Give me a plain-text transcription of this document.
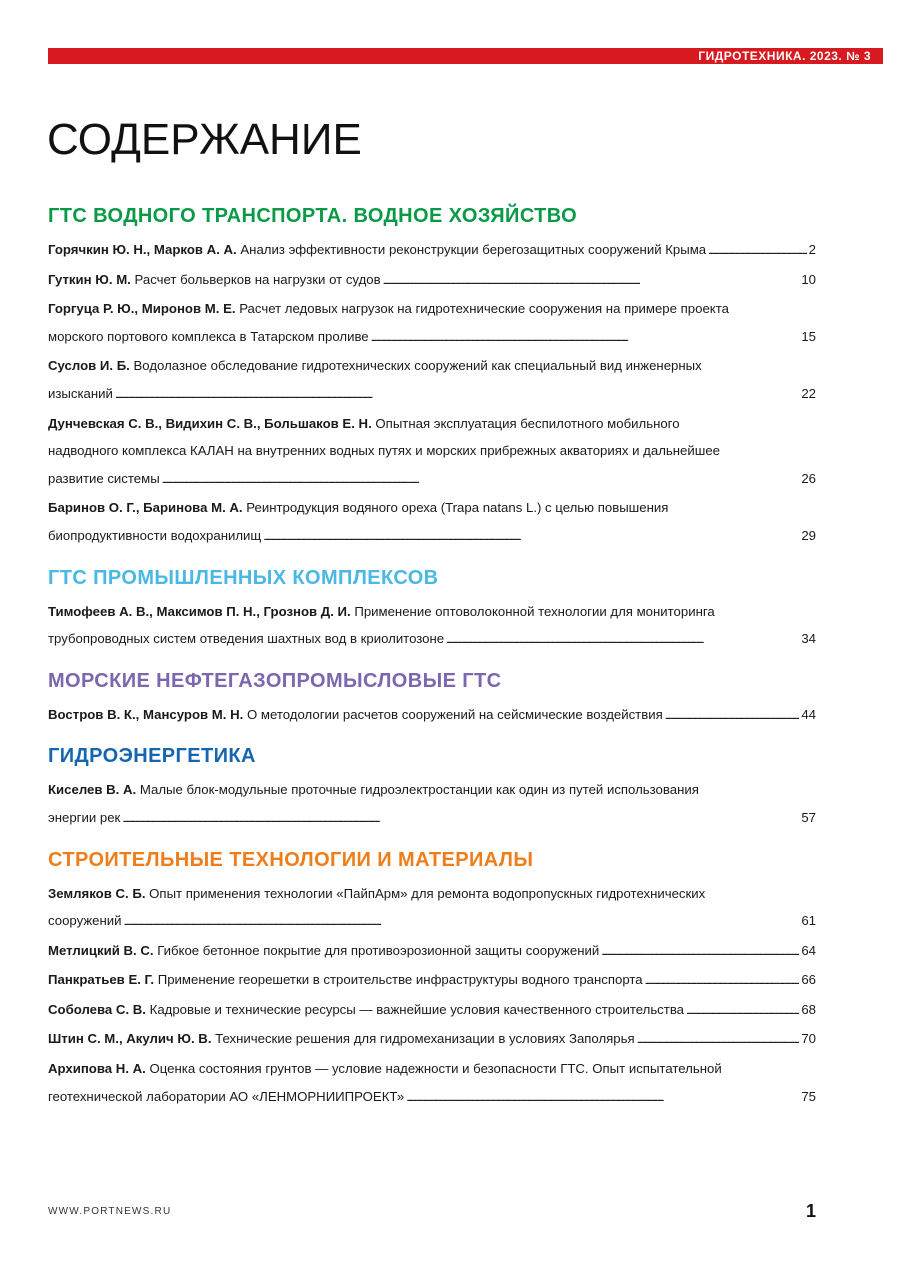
ГИДРОТЕХНИКА. 2023. № 3
СОДЕРЖАНИЕ
ГТС ВОДНОГО ТРАНСПОРТА. ВОДНОЕ ХОЗЯЙСТВО
Горячкин Ю. Н., Марков А. А. Анализ эффективности реконструкции берегозащитных сооружений Крыма . . .	2
Гуткин Ю. М. Расчет больверков на нагрузки от судов . . .	10
Горгуца Р. Ю., Миронов М. Е. Расчет ледовых нагрузок на гидротехнические сооружения на примере проекта
морского портового комплекса в Татарском проливе . . .	15
Суслов И. Б. Водолазное обследование гидротехнических сооружений как специальный вид инженерных
изысканий . . .	22
Дунчевская С. В., Видихин С. В., Большаков Е. Н. Опытная эксплуатация беспилотного мобильного
надводного комплекса КАЛАН на внутренних водных путях и морских прибрежных акваториях и дальнейшее
развитие системы . . .	26
Баринов О. Г., Баринова М. А. Реинтродукция водяного ореха (Trapa natans L.) с целью повышения
биопродуктивности водохранилищ . . .	29
ГТС ПРОМЫШЛЕННЫХ КОМПЛЕКСОВ
Тимофеев А. В., Максимов П. Н., Грознов Д. И. Применение оптоволоконной технологии для мониторинга
трубопроводных систем отведения шахтных вод в криолитозоне . . .	34
МОРСКИЕ НЕФТЕГАЗОПРОМЫСЛОВЫЕ ГТС
Востров В. К., Мансуров М. Н. О методологии расчетов сооружений на сейсмические воздействия . . .	44
ГИДРОЭНЕРГЕТИКА
Киселев В. А. Малые блок-модульные проточные гидроэлектростанции как один из путей использования
энергии рек . . .	57
СТРОИТЕЛЬНЫЕ ТЕХНОЛОГИИ И МАТЕРИАЛЫ
Земляков С. Б. Опыт применения технологии «ПайпАрм» для ремонта водопропускных гидротехнических
сооружений . . .	61
Метлицкий В. С. Гибкое бетонное покрытие для противоэрозионной защиты сооружений . . .	64
Панкратьев Е. Г. Применение георешетки в строительстве инфраструктуры водного транспорта . . .	66
Соболева С. В. Кадровые и технические ресурсы — важнейшие условия качественного строительства . . .	68
Штин С. М., Акулич Ю. В. Технические решения для гидромеханизации в условиях Заполярья . . .	70
Архипова Н. А. Оценка состояния грунтов — условие надежности и безопасности ГТС. Опыт испытательной
геотехнической лаборатории АО «ЛЕНМОРНИИПРОЕКТ» . . .	75
WWW.PORTNEWS.RU	1
